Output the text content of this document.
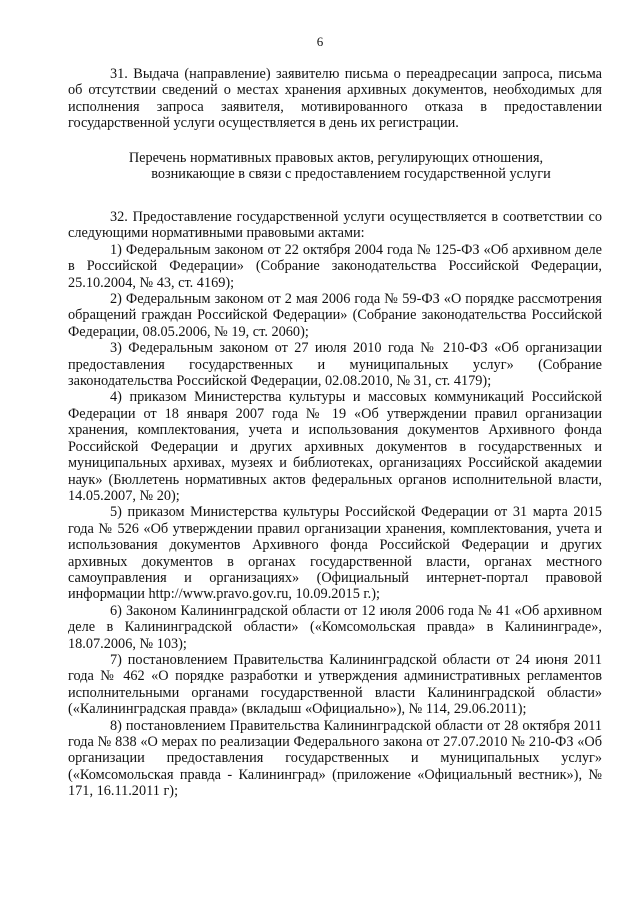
6

31. Выдача (направление) заявителю письма о переадресации запроса, письма об отсутствии сведений о местах хранения архивных документов, необходимых для исполнения запроса заявителя, мотивированного отказа в предоставлении государственной услуги осуществляется в день их регистрации.

Перечень нормативных правовых актов, регулирующих отношения,
возникающие в связи с предоставлением государственной услуги

32. Предоставление государственной услуги осуществляется в соответствии со следующими нормативными правовыми актами:

1) Федеральным законом от 22 октября 2004 года № 125-ФЗ «Об архивном деле в Российской Федерации» (Собрание законодательства Российской Федерации, 25.10.2004, № 43, ст. 4169);

2) Федеральным законом от 2 мая 2006 года № 59-ФЗ «О порядке рассмотрения обращений граждан Российской Федерации» (Собрание законодательства Российской Федерации, 08.05.2006, № 19, ст. 2060);

3) Федеральным законом от 27 июля 2010 года № 210-ФЗ «Об организации предоставления государственных и муниципальных услуг» (Собрание законодательства Российской Федерации, 02.08.2010, № 31, ст. 4179);

4) приказом Министерства культуры и массовых коммуникаций Российской Федерации от 18 января 2007 года № 19 «Об утверждении правил организации хранения, комплектования, учета и использования документов Архивного фонда Российской Федерации и других архивных документов в государственных и муниципальных архивах, музеях и библиотеках, организациях Российской академии наук» (Бюллетень нормативных актов федеральных органов исполнительной власти, 14.05.2007, № 20);

5) приказом Министерства культуры Российской Федерации от 31 марта 2015 года № 526 «Об утверждении правил организации хранения, комплектования, учета и использования документов Архивного фонда Российской Федерации и других архивных документов в органах государственной власти, органах местного самоуправления и организациях» (Официальный интернет-портал правовой информации http://www.pravo.gov.ru, 10.09.2015 г.);

6) Законом Калининградской области от 12 июля 2006 года № 41 «Об архивном деле в Калининградской области» («Комсомольская правда» в Калининграде», 18.07.2006, № 103);

7) постановлением Правительства Калининградской области от 24 июня 2011 года № 462 «О порядке разработки и утверждения административных регламентов исполнительными органами государственной власти Калининградской области» («Калининградская правда» (вкладыш «Официально»), № 114, 29.06.2011);

8) постановлением Правительства Калининградской области от 28 октября 2011 года № 838 «О мерах по реализации Федерального закона от 27.07.2010 № 210-ФЗ «Об организации предоставления государственных и муниципальных услуг» («Комсомольская правда - Калининград» (приложение «Официальный вестник»), № 171, 16.11.2011 г);
